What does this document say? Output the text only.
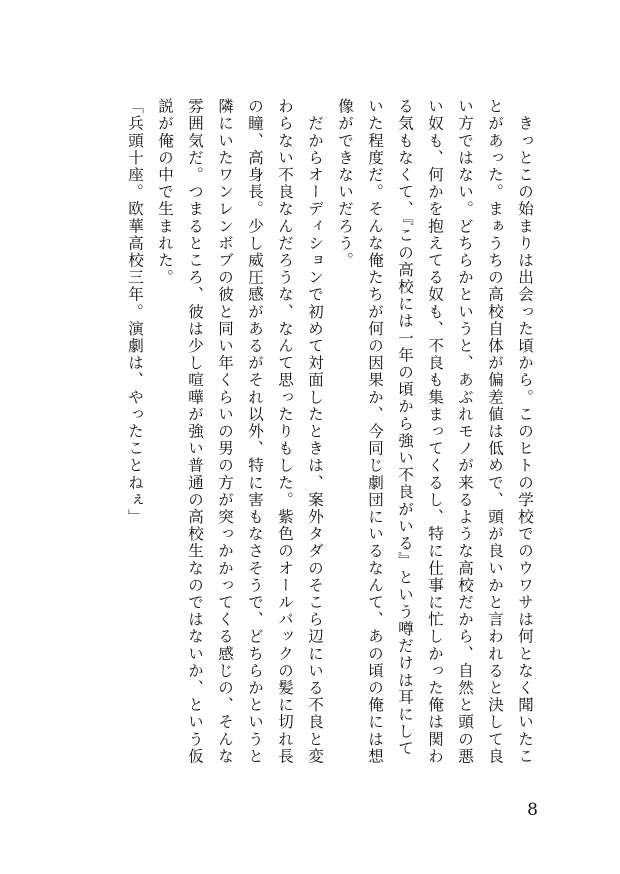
　きっとこの始まりは出会った頃から。このヒトの学校でのウワサは何となく聞いたこ
とがあった。まぁうちの高校自体が偏差値は低めで、頭が良いかと言われると決して良
い方ではない。どちらかというと、あぶれモノが来るような高校だから、自然と頭の悪
い奴も、何かを抱えてる奴も、不良も集まってくるし、特に仕事に忙しかった俺は関わ
る気もなくて、『この高校には一年の頃から強い不良がいる』という噂だけは耳にして
いた程度だ。そんな俺たちが何の因果か、今同じ劇団にいるなんて、あの頃の俺には想
像ができないだろう。
　だからオーディションで初めて対面したときは、案外タダのそこら辺にいる不良と変
わらない不良なんだろうな、なんて思ったりもした。紫色のオールバックの髪に切れ長
の瞳、高身長。少し威圧感があるがそれ以外、特に害もなさそうで、どちらかというと
隣にいたワンレンボブの彼と同い年くらいの男の方が突っかかってくる感じの、そんな
雰囲気だ。つまるところ、彼は少し喧嘩が強い普通の高校生なのではないか、という仮
説が俺の中で生まれた。
「兵頭十座。欧華高校三年。演劇は、やったことねぇ」
8
